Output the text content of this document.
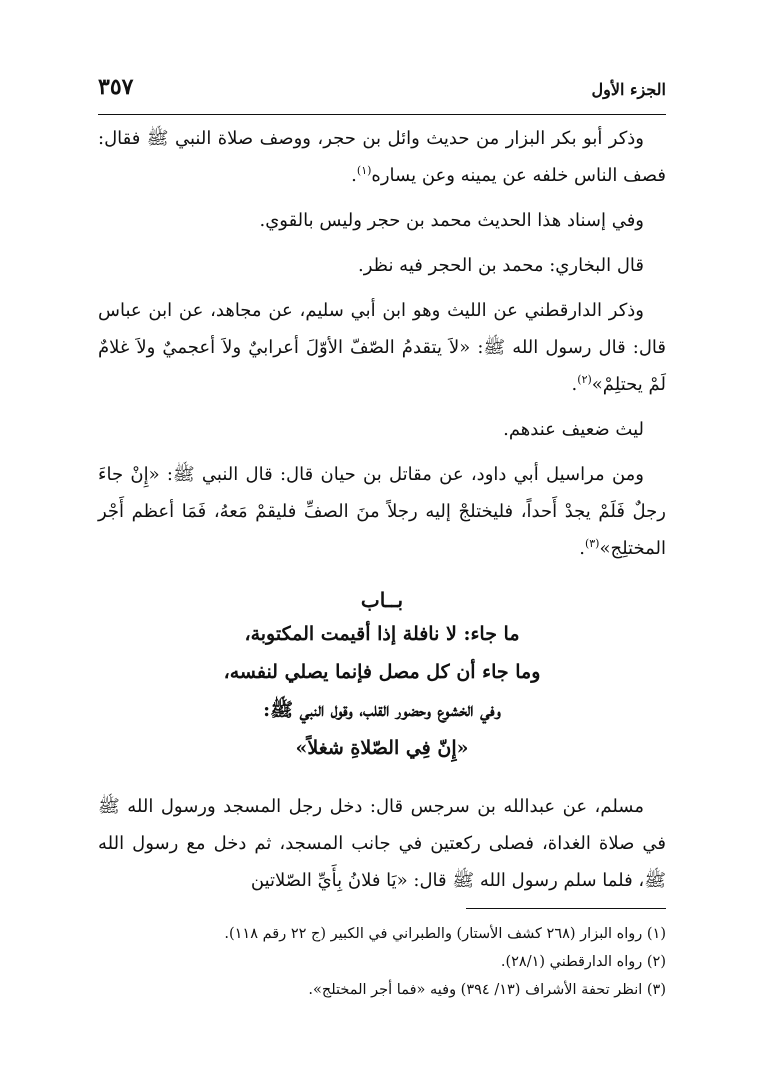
الجزء الأول
٣٥٧

وذكر أبو بكر البزار من حديث وائل بن حجر، ووصف صلاة النبي ﷺ فقال: فصف الناس خلفه عن يمينه وعن يساره$^{(١)}$.

وفي إسناد هذا الحديث محمد بن حجر وليس بالقوي.

قال البخاري: محمد بن الحجر فيه نظر.

وذكر الدارقطني عن الليث وهو ابن أبي سليم، عن مجاهد، عن ابن عباس قال: قال رسول الله ﷺ: «لاَ يتقدمُ الصّفّ الأوّلَ أعرابيٌ ولاَ أعجميٌ ولاَ غلامٌ لَمْ يحتلِمْ»$^{(٢)}$.

ليث ضعيف عندهم.

ومن مراسيل أبي داود، عن مقاتل بن حيان قال: قال النبي ﷺ: «إِنْ جاءَ رجلٌ فَلَمْ يجدْ أَحداً، فليختلجْ إليه رجلاً منَ الصفِّ فليقمْ مَعهُ، فَمَا أعظم أَجْر المختلِج»$^{(٣)}$.

بــاب
ما جاء: لا نافلة إذا أقيمت المكتوبة،
وما جاء أن كل مصل فإنما يصلي لنفسه،
وفي الخشوع وحضور القلب، وقول النبي ﷺ:
«إِنّ فِي الصّلاةِ شغلاً»

مسلم، عن عبدالله بن سرجس قال: دخل رجل المسجد ورسول الله ﷺ في صلاة الغداة، فصلى ركعتين في جانب المسجد، ثم دخل مع رسول الله ﷺ، فلما سلم رسول الله ﷺ قال: «يَا فلانُ بِأَيِّ الصّلاتين

(١) رواه البزار (٢٦٨ كشف الأستار) والطبراني في الكبير (ج ٢٢ رقم ١١٨).

(٢) رواه الدارقطني (٢٨/١).

(٣) انظر تحفة الأشراف (١٣/ ٣٩٤) وفيه «فما أجر المختلج».
